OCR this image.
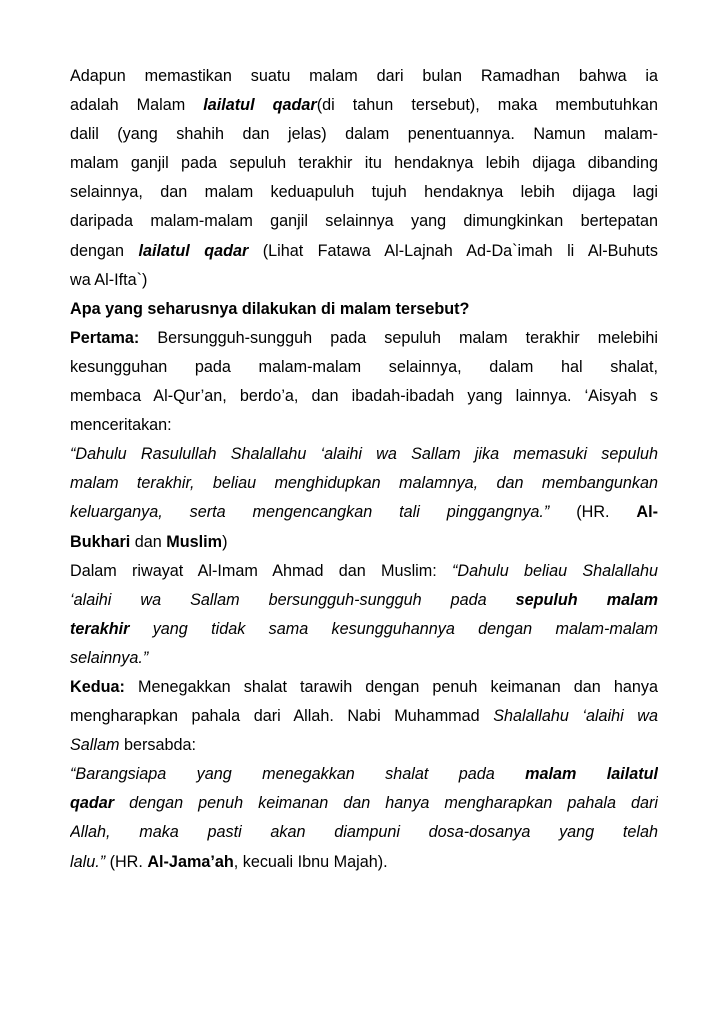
Adapun memastikan suatu malam dari bulan Ramadhan bahwa ia
adalah Malam lailatul qadar(di tahun tersebut), maka membutuhkan
dalil (yang shahih dan jelas) dalam penentuannya. Namun malam-
malam ganjil pada sepuluh terakhir itu hendaknya lebih dijaga dibanding
selainnya, dan malam keduapuluh tujuh hendaknya lebih dijaga lagi
daripada malam-malam ganjil selainnya yang dimungkinkan bertepatan
dengan lailatul qadar (Lihat Fatawa Al-Lajnah Ad-Da`imah li Al-Buhuts
wa Al-Ifta`)
Apa yang seharusnya dilakukan di malam tersebut?
Pertama: Bersungguh-sungguh pada sepuluh malam terakhir melebihi
kesungguhan pada malam-malam selainnya, dalam hal shalat,
membaca Al-Qur’an, berdo’a, dan ibadah-ibadah yang lainnya. ‘Aisyah s
menceritakan:
“Dahulu Rasulullah Shalallahu ‘alaihi wa Sallam jika memasuki sepuluh
malam terakhir, beliau menghidupkan malamnya, dan membangunkan
keluarganya, serta mengencangkan tali pinggangnya.” (HR. Al-
Bukhari dan Muslim)
Dalam riwayat Al-Imam Ahmad dan Muslim: “Dahulu beliau Shalallahu
‘alaihi wa Sallam bersungguh-sungguh pada sepuluh malam
terakhir yang tidak sama kesungguhannya dengan malam-malam
selainnya.”
Kedua: Menegakkan shalat tarawih dengan penuh keimanan dan hanya
mengharapkan pahala dari Allah. Nabi Muhammad Shalallahu ‘alaihi wa
Sallam bersabda:
“Barangsiapa yang menegakkan shalat pada malam lailatul
qadar dengan penuh keimanan dan hanya mengharapkan pahala dari
Allah, maka pasti akan diampuni dosa-dosanya yang telah
lalu.” (HR. Al-Jama’ah, kecuali Ibnu Majah).
